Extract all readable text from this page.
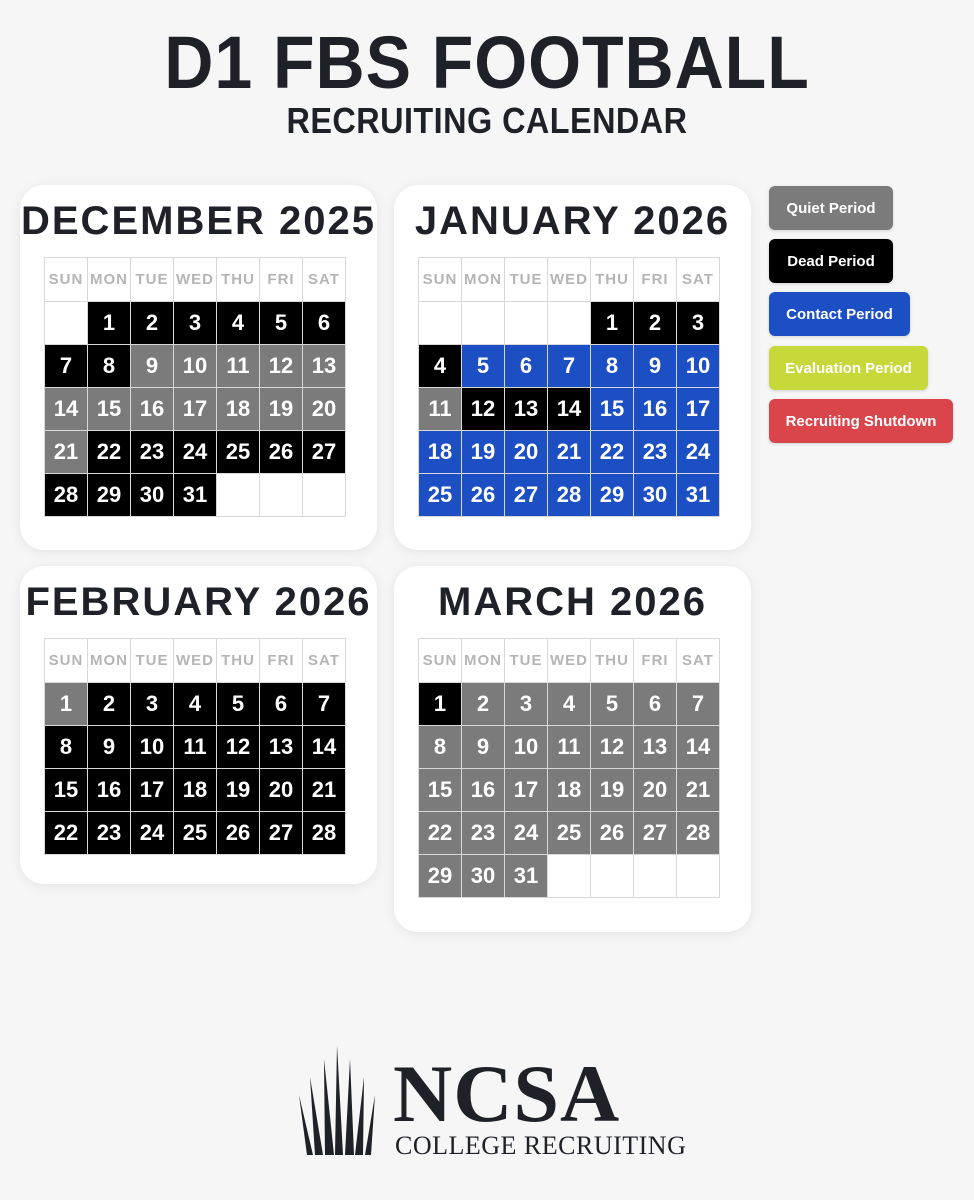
D1 FBS FOOTBALL
RECRUITING CALENDAR
DECEMBER 2025
SUN	MON	TUE	WED	THU	FRI	SAT
	1	2	3	4	5	6
7	8	9	10	11	12	13
14	15	16	17	18	19	20
21	22	23	24	25	26	27
28	29	30	31			
JANUARY 2026
SUN	MON	TUE	WED	THU	FRI	SAT
				1	2	3
4	5	6	7	8	9	10
11	12	13	14	15	16	17
18	19	20	21	22	23	24
25	26	27	28	29	30	31
FEBRUARY 2026
SUN	MON	TUE	WED	THU	FRI	SAT
1	2	3	4	5	6	7
8	9	10	11	12	13	14
15	16	17	18	19	20	21
22	23	24	25	26	27	28
MARCH 2026
SUN	MON	TUE	WED	THU	FRI	SAT
1	2	3	4	5	6	7
8	9	10	11	12	13	14
15	16	17	18	19	20	21
22	23	24	25	26	27	28
29	30	31				
Quiet Period
Dead Period
Contact Period
Evaluation Period
Recruiting Shutdown
NCSA
COLLEGE RECRUITING
